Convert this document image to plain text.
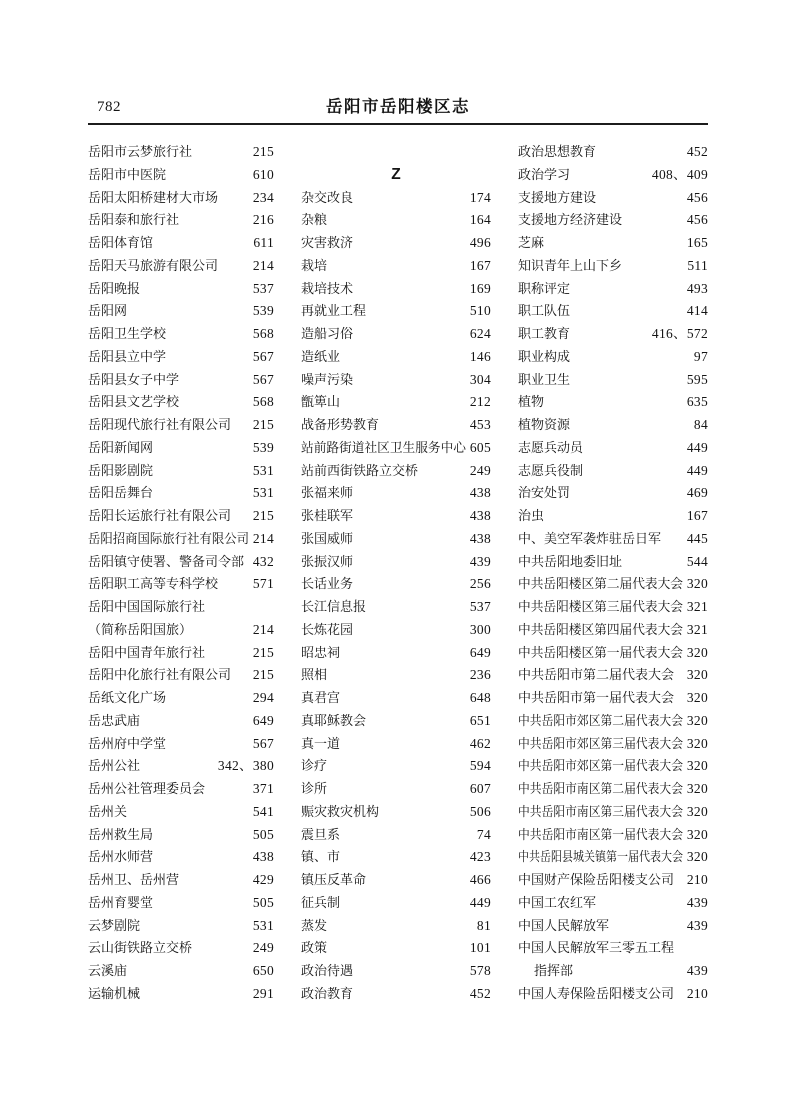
782	岳阳市岳阳楼区志
岳阳市云梦旅行社	215
岳阳市中医院	610
岳阳太阳桥建材大市场	234
岳阳泰和旅行社	216
岳阳体育馆	611
岳阳天马旅游有限公司	214
岳阳晚报	537
岳阳网	539
岳阳卫生学校	568
岳阳县立中学	567
岳阳县女子中学	567
岳阳县文艺学校	568
岳阳现代旅行社有限公司 215
岳阳新闻网	539
岳阳影剧院	531
岳阳岳舞台	531
岳阳长运旅行社有限公司 215
岳阳招商国际旅行社有限公司 214
岳阳镇守使署、警备司令部 432
岳阳职工高等专科学校	571
岳阳中国国际旅行社
（简称岳阳国旅）	214
岳阳中国青年旅行社	215
岳阳中化旅行社有限公司 215
岳纸文化广场	294
岳忠武庙	649
岳州府中学堂	567
岳州公社	342、380
岳州公社管理委员会	371
岳州关	541
岳州救生局	505
岳州水师营	438
岳州卫、岳州营	429
岳州育婴堂	505
云梦剧院	531
云山街铁路立交桥	249
云溪庙	650
运输机械	291
Z
杂交改良	174
杂粮	164
灾害救济	496
栽培	167
栽培技术	169
再就业工程	510
造船习俗	624
造纸业	146
噪声污染	304
甑箄山	212
战备形势教育	453
站前路街道社区卫生服务中心 605
站前西街铁路立交桥	249
张福来师	438
张桂联军	438
张国威师	438
张振汉师	439
长话业务	256
长江信息报	537
长炼花园	300
昭忠祠	649
照相	236
真君宫	648
真耶稣教会	651
真一道	462
诊疗	594
诊所	607
赈灾救灾机构	506
震旦系	74
镇、市	423
镇压反革命	466
征兵制	449
蒸发	81
政策	101
政治待遇	578
政治教育	452
政治思想教育	452
政治学习	408、409
支援地方建设	456
支援地方经济建设	456
芝麻	165
知识青年上山下乡	511
职称评定	493
职工队伍	414
职工教育	416、572
职业构成	97
职业卫生	595
植物	635
植物资源	84
志愿兵动员	449
志愿兵役制	449
治安处罚	469
治虫	167
中、美空军袭炸驻岳日军 445
中共岳阳地委旧址	544
中共岳阳楼区第二届代表大会 320
中共岳阳楼区第三届代表大会 321
中共岳阳楼区第四届代表大会 321
中共岳阳楼区第一届代表大会 320
中共岳阳市第二届代表大会 320
中共岳阳市第一届代表大会 320
中共岳阳市郊区第二届代表大会 320
中共岳阳市郊区第三届代表大会 320
中共岳阳市郊区第一届代表大会 320
中共岳阳市南区第二届代表大会 320
中共岳阳市南区第三届代表大会 320
中共岳阳市南区第一届代表大会 320
中共岳阳县城关镇第一届代表大会 320
中国财产保险岳阳楼支公司 210
中国工农红军	439
中国人民解放军	439
中国人民解放军三零五工程
指挥部	439
中国人寿保险岳阳楼支公司 210
